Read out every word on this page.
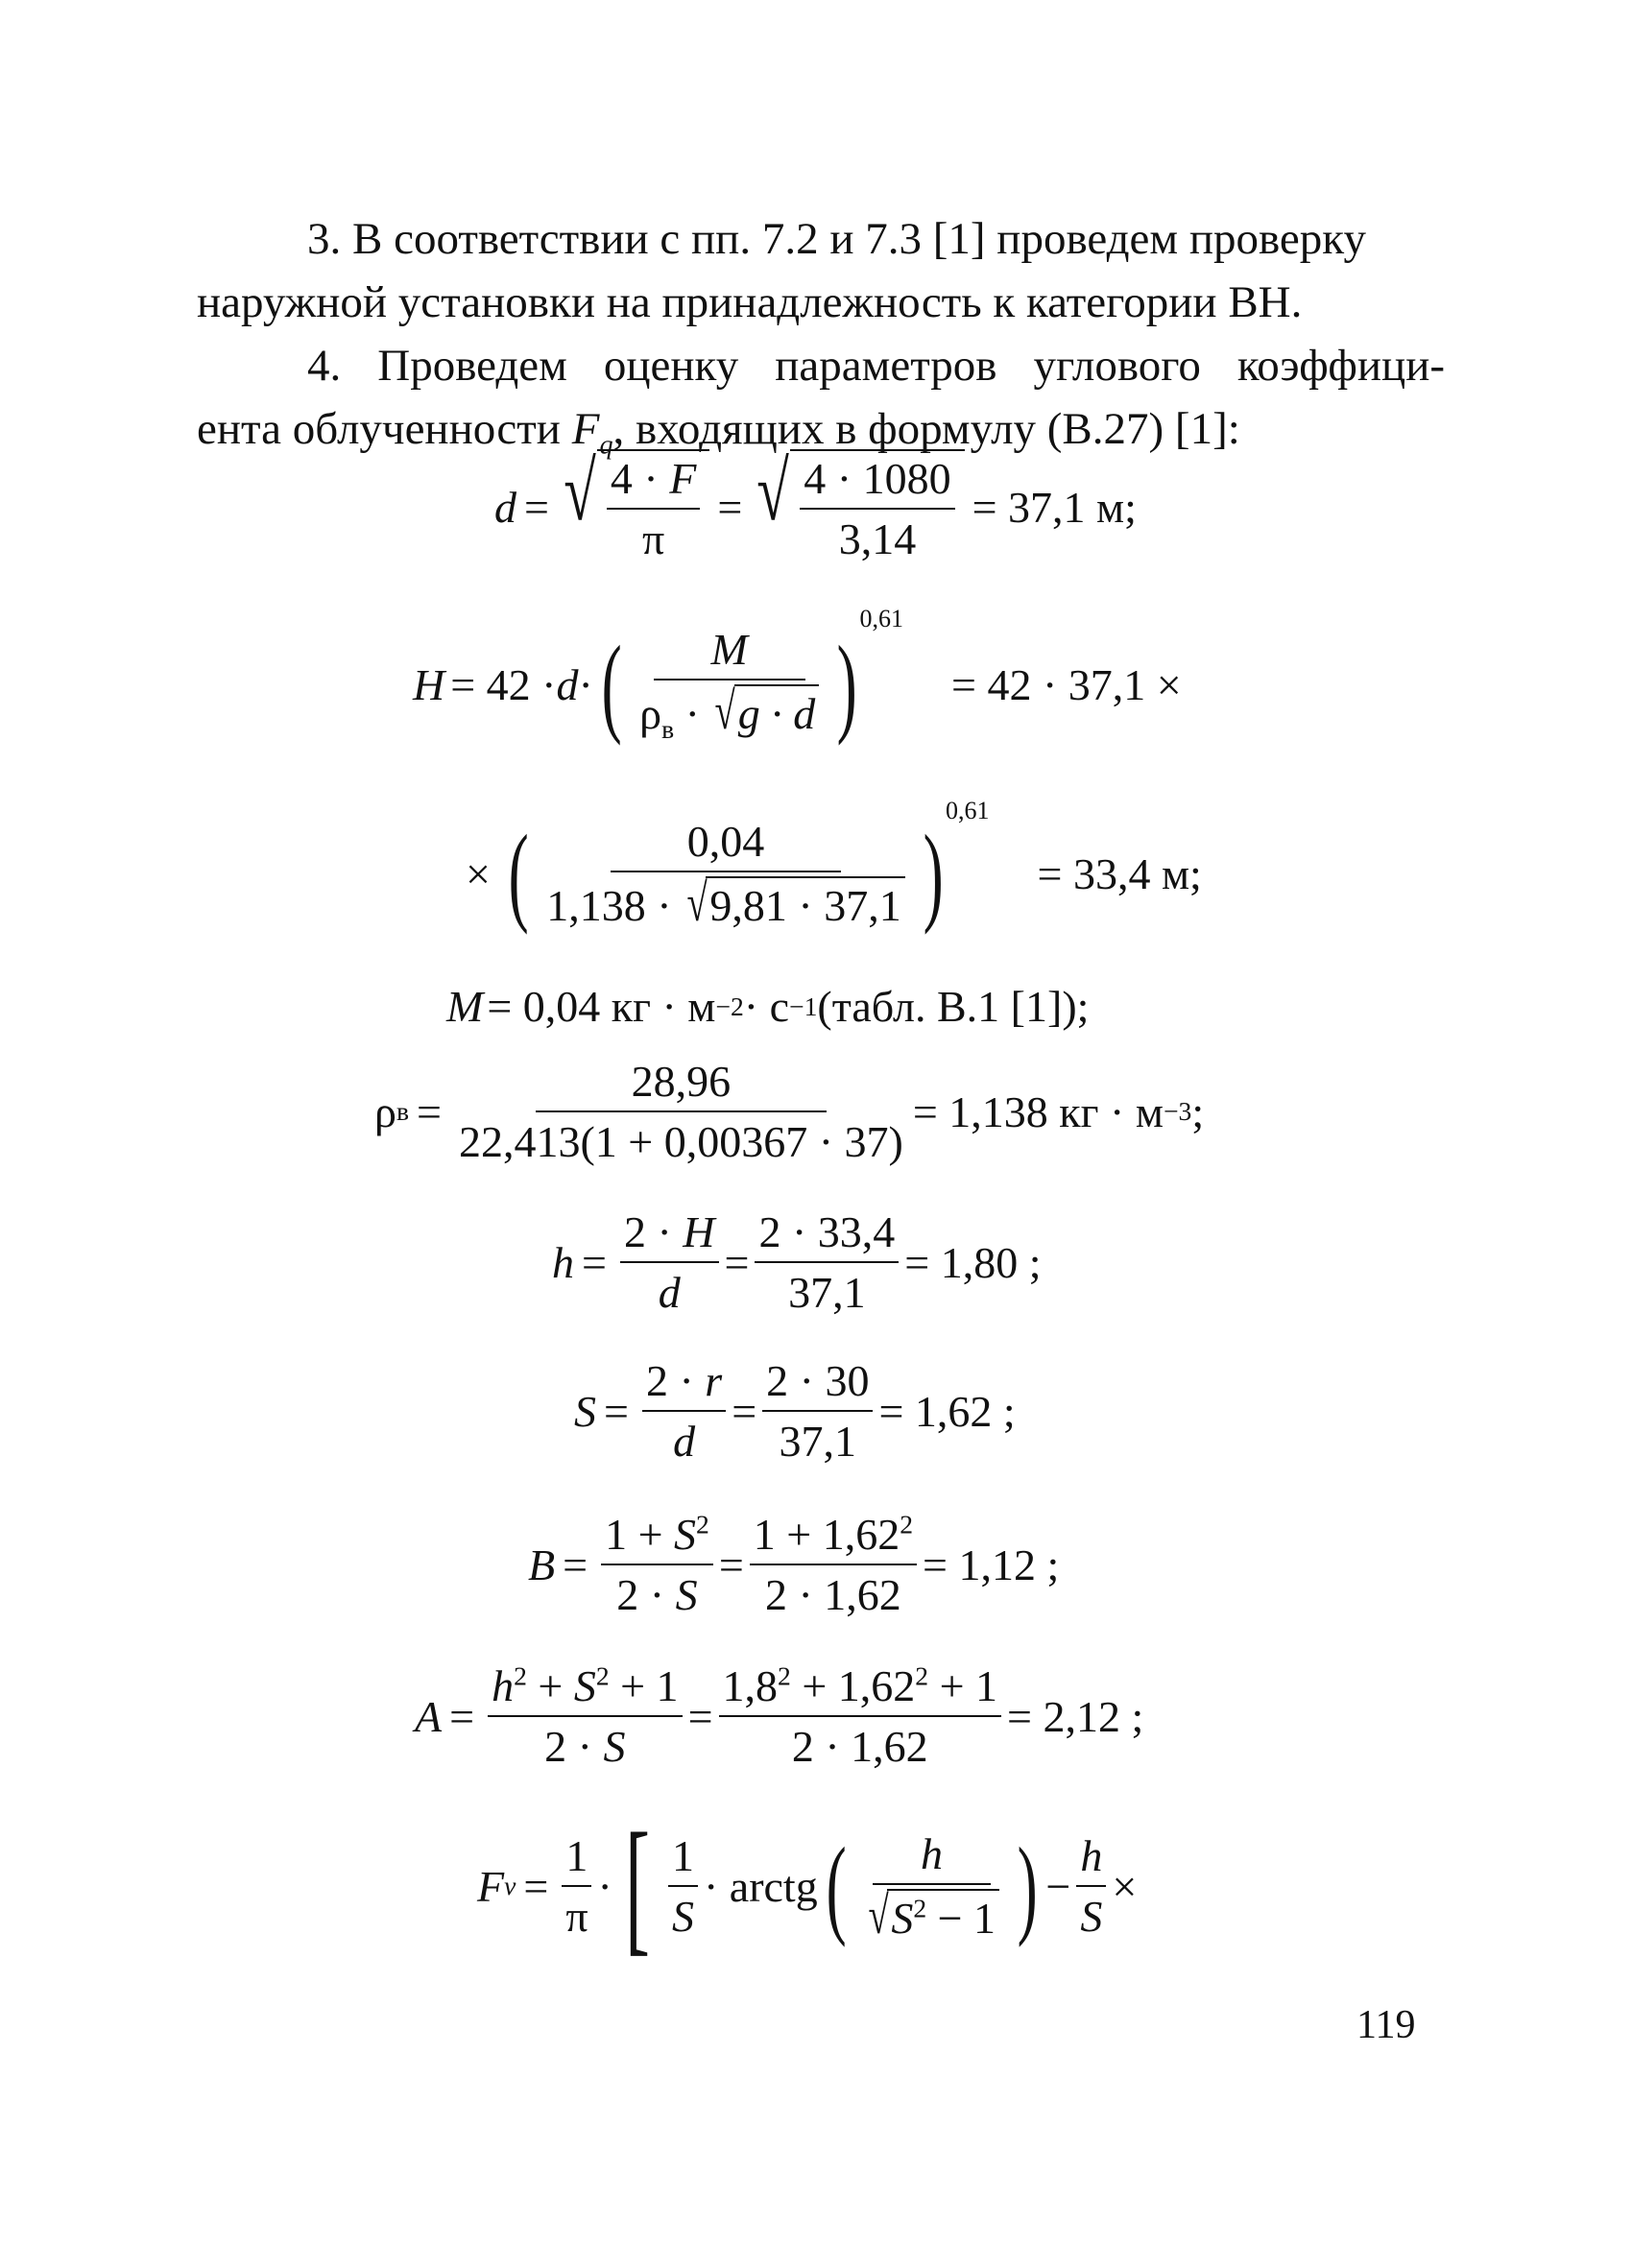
3. В соответствии с пп. 7.2 и 7.3 [1] проведем проверку
наружной установки на принадлежность к категории ВН.
4. Проведем оценку параметров углового коэффици-
ента облученности $F_q$, входящих в формулу (В.27) [1]:
d = √ $\frac{4 \cdot F}{\pi}$ = √ $\frac{4 \cdot 1080}{3,14} = 37,1$ м;
H = 42 · d · ( $\frac{M}{\rho_в \cdot √ g \cdot d}$ )
0,61
= 42 · 37,1 ×
× ( $\frac{0,04}{1,138 \cdot √ 9,81 \cdot 37,1}$ )
0,61
= 33,4 м;
M = 0,04 кг · м −2 · с −1 (табл. В.1 [1]);
ρ $в = \frac{28,96}{22,413(1 + 0,00367 \cdot 37)} = 1,138$ кг · м −3 ;
$h = \frac{2 \cdot H}{d} = \frac{2 \cdot 33,4}{37,1} = 1,80$ ;
$S = \frac{2 \cdot r}{d} = \frac{2 \cdot 30}{37,1} = 1,62$ ;
$B = \frac{1 + S^2}{2 \cdot S} = \frac{1 + 1,62^2}{2 \cdot 1,62} = 1,12$ ;
$A = \frac{h^2 + S^2 + 1}{2 \cdot S} = \frac{1,8^2 + 1,62^2 + 1}{2 \cdot 1,62} = 2,12$ ;
F $v = \frac{1}{\pi}$ · [ $\frac{1}{S}$ · arctg ( $\frac{h}{√ S^2 - 1}$ ) − $\frac{h}{S}$ ×
119
